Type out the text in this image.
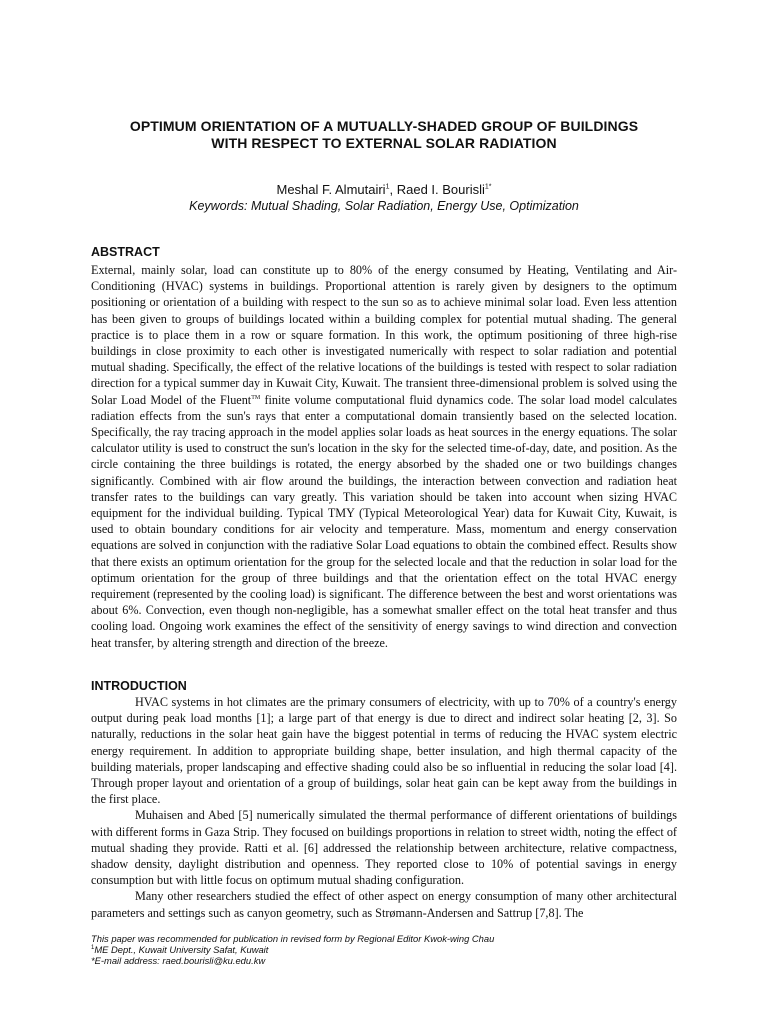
OPTIMUM ORIENTATION OF A MUTUALLY-SHADED GROUP OF BUILDINGS
WITH RESPECT TO EXTERNAL SOLAR RADIATION
Meshal F. Almutairi$^1$, Raed I. Bourisli$^{1*}$
Keywords: Mutual Shading, Solar Radiation, Energy Use, Optimization
ABSTRACT

External, mainly solar, load can constitute up to 80% of the energy consumed by Heating, Ventilating and Air-Conditioning (HVAC) systems in buildings. Proportional attention is rarely given by designers to the optimum positioning or orientation of a building with respect to the sun so as to achieve minimal solar load. Even less attention has been given to groups of buildings located within a building complex for potential mutual shading. The general practice is to place them in a row or square formation. In this work, the optimum positioning of three high-rise buildings in close proximity to each other is investigated numerically with respect to solar radiation and potential mutual shading. Specifically, the effect of the relative locations of the buildings is tested with respect to solar radiation direction for a typical summer day in Kuwait City, Kuwait. The transient three-dimensional problem is solved using the Solar Load Model of the Fluent™ finite volume computational fluid dynamics code. The solar load model calculates radiation effects from the sun's rays that enter a computational domain transiently based on the selected location. Specifically, the ray tracing approach in the model applies solar loads as heat sources in the energy equations. The solar calculator utility is used to construct the sun's location in the sky for the selected time-of-day, date, and position. As the circle containing the three buildings is rotated, the energy absorbed by the shaded one or two buildings changes significantly. Combined with air flow around the buildings, the interaction between convection and radiation heat transfer rates to the buildings can vary greatly. This variation should be taken into account when sizing HVAC equipment for the individual building. Typical TMY (Typical Meteorological Year) data for Kuwait City, Kuwait, is used to obtain boundary conditions for air velocity and temperature. Mass, momentum and energy conservation equations are solved in conjunction with the radiative Solar Load equations to obtain the combined effect. Results show that there exists an optimum orientation for the group for the selected locale and that the reduction in solar load for the optimum orientation for the group of three buildings and that the orientation effect on the total HVAC energy requirement (represented by the cooling load) is significant. The difference between the best and worst orientations was about 6%. Convection, even though non-negligible, has a somewhat smaller effect on the total heat transfer and thus cooling load. Ongoing work examines the effect of the sensitivity of energy savings to wind direction and convection heat transfer, by altering strength and direction of the breeze.

INTRODUCTION

HVAC systems in hot climates are the primary consumers of electricity, with up to 70% of a country's energy output during peak load months [1]; a large part of that energy is due to direct and indirect solar heating [2, 3]. So naturally, reductions in the solar heat gain have the biggest potential in terms of reducing the HVAC system electric energy requirement. In addition to appropriate building shape, better insulation, and high thermal capacity of the building materials, proper landscaping and effective shading could also be so influential in reducing the solar load [4]. Through proper layout and orientation of a group of buildings, solar heat gain can be kept away from the buildings in the first place.

Muhaisen and Abed [5] numerically simulated the thermal performance of different orientations of buildings with different forms in Gaza Strip. They focused on buildings proportions in relation to street width, noting the effect of mutual shading they provide. Ratti et al. [6] addressed the relationship between architecture, relative compactness, shadow density, daylight distribution and openness. They reported close to 10% of potential savings in energy consumption but with little focus on optimum mutual shading configuration.

Many other researchers studied the effect of other aspect on energy consumption of many other architectural parameters and settings such as canyon geometry, such as Strømann-Andersen and Sattrup [7,8]. The

This paper was recommended for publication in revised form by Regional Editor Kwok-wing Chau
$^1$ME Dept., Kuwait University Safat, Kuwait
*E-mail address: raed.bourisli@ku.edu.kw
